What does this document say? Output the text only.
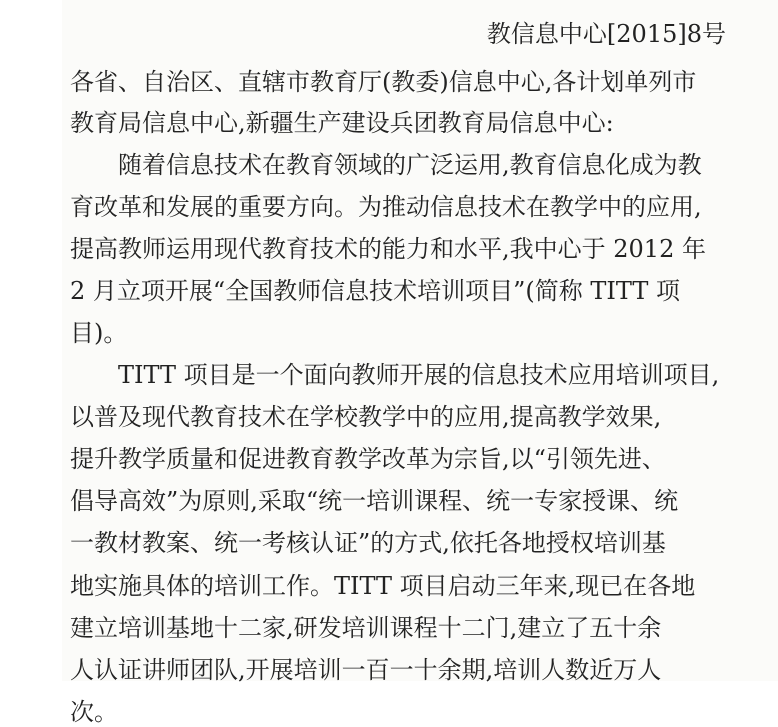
教信息中心[2015]8号
各省、自治区、直辖市教育厅(教委)信息中心,各计划单列市
教育局信息中心,新疆生产建设兵团教育局信息中心:
随着信息技术在教育领域的广泛运用,教育信息化成为教
育改革和发展的重要方向。为推动信息技术在教学中的应用,
提高教师运用现代教育技术的能力和水平,我中心于 2012 年
2 月立项开展“全国教师信息技术培训项目”(简称 TITT 项
目)。
TITT 项目是一个面向教师开展的信息技术应用培训项目,
以普及现代教育技术在学校教学中的应用,提高教学效果,
提升教学质量和促进教育教学改革为宗旨,以“引领先进、
倡导高效”为原则,采取“统一培训课程、统一专家授课、统
一教材教案、统一考核认证”的方式,依托各地授权培训基
地实施具体的培训工作。TITT 项目启动三年来,现已在各地
建立培训基地十二家,研发培训课程十二门,建立了五十余
人认证讲师团队,开展培训一百一十余期,培训人数近万人
次。
